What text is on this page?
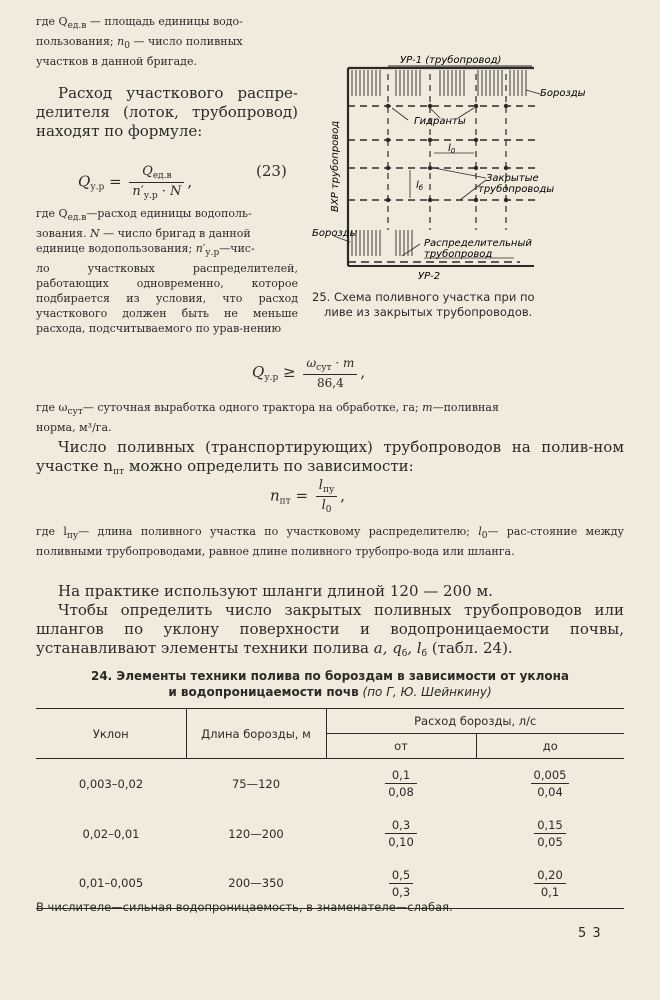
где $Q_{ед.в}$ — площадь единицы водо-

пользования; $n_0$ — число поливных

участков в данной бригаде.

Расход участкового распре-делителя (лоток, трубопровод) находят по формуле:

$Q_{у.р} = \frac{Q_{ед.в}}{n'_{у.р} \cdot N}$ ,
(23)

где $Q_{ед.в}—расход$ единицы водополь-

зования. N — число бригад в данной

единице водопользования; $n'_{у.р}—чис-$

ло участковых распределителей, работающих одновременно, которое подбирается из условия, что расход участкового должен быть не меньше расхода, подсчитываемого по урав-нению

УР-1 (трубопровод)
Борозды
ВХР трубопровод	Гидранты
$l_0$
$l_б$
Закрытые трубопроводы
Борозды
Распределительный трубопровод
УР-2
25. Схема поливного участка при по
ливе из закрытых трубопроводов.
$Q_{у.р} \ge \frac{\omega_{сут} \cdot m}{86,4}$ ,

где $\omega_{сут}—$ суточная выработка одного трактора на обработке, га; m—поливная

норма, м³/га.

Число поливных (транспортирующих) трубопроводов на полив-ном участке $n_{пт}$ можно определить по зависимости:

$n_{пт} = \frac{l_{пу}}{l_0}$ ,

где $l_{пу}—$ длина поливного участка по участковому распределителю; $l_0—$ рас-стояние между поливными трубопроводами, равное длине поливного трубопро-вода или шланга.

На практике используют шланги длиной 120 — 200 м.

Чтобы определить число закрытых поливных трубопроводов или шлангов по уклону поверхности и водопроницаемости почвы, устанавливают элементы техники полива a, $q_б$, $l_б$ (табл. 24).

24. Элементы техники полива по бороздам в зависимости от уклона
и водопроницаемости почв (по Г, Ю. Шейнкину)
Уклон	Длина борозды, м	Расход борозды, л/с	
		от	до
0,003–0,02	75—120	$\frac{0,1}{0,08}$	$\frac{0,005}{0,04}$

0,02–0,01	120—200	$\frac{0,3}{0,10}$	$\frac{0,15}{0,05}$

0,01–0,005	200—350	$\frac{0,5}{0,3}$	$\frac{0,20}{0,1}$
В числителе—сильная водопроницаемость, в знаменателе—слабая.
5 3
